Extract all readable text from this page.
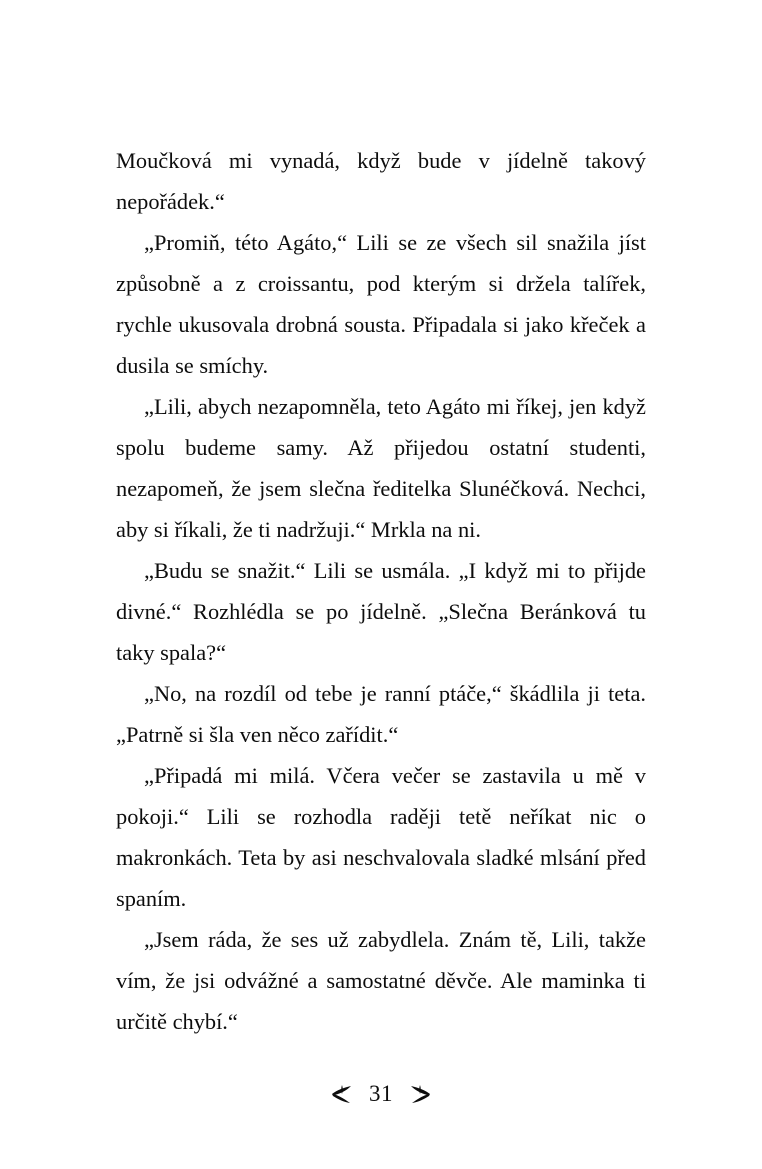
Moučková mi vynadá, když bude v jídelně takový nepořádek.“

„Promiň, této Agáto,“ Lili se ze všech sil snažila jíst způsobně a z croissantu, pod kterým si držela talířek, rychle ukusovala drobná sousta. Připadala si jako křeček a dusila se smíchy.

„Lili, abych nezapomněla, teto Agáto mi říkej, jen když spolu budeme samy. Až přijedou ostatní studenti, nezapomeň, že jsem slečna ředitelka Slunéčková. Nechci, aby si říkali, že ti nadržuji.“ Mrkla na ni.

„Budu se snažit.“ Lili se usmála. „I když mi to přijde divné.“ Rozhlédla se po jídelně. „Slečna Beránková tu taky spala?“

„No, na rozdíl od tebe je ranní ptáče,“ škádlila ji teta. „Patrně si šla ven něco zařídit.“

„Připadá mi milá. Včera večer se zastavila u mě v pokoji.“ Lili se rozhodla raději tetě neříkat nic o makronkách. Teta by asi neschvalovala sladké mlsání před spaním.

„Jsem ráda, že ses už zabydlela. Znám tě, Lili, takže vím, že jsi odvážné a samostatné děvče. Ale maminka ti určitě chybí.“

31
